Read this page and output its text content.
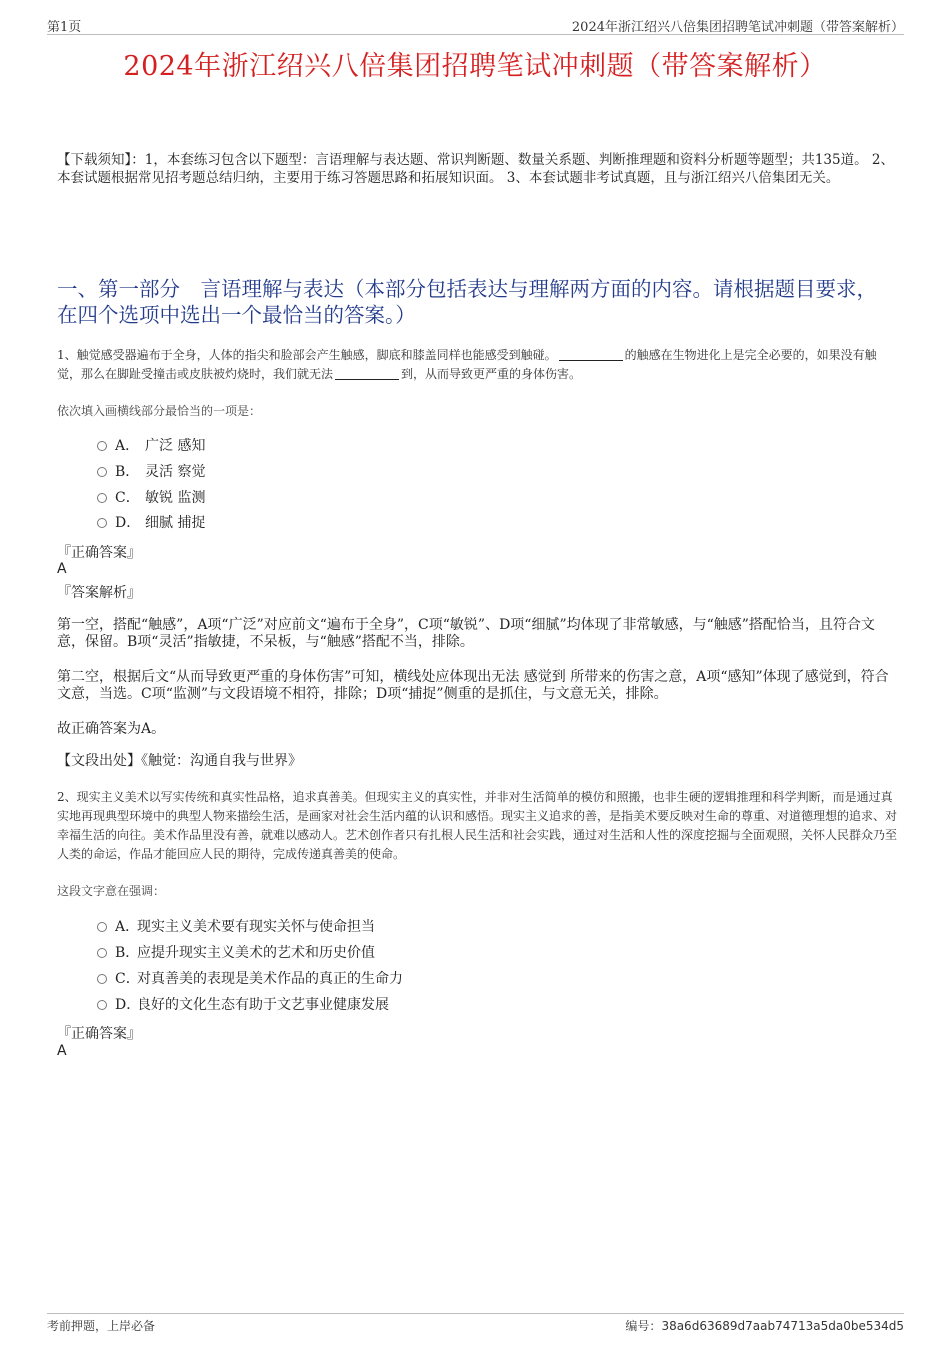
第1页	2024年浙江绍兴八倍集团招聘笔试冲刺题（带答案解析）
2024年浙江绍兴八倍集团招聘笔试冲刺题（带答案解析）
【下载须知】：1，本套练习包含以下题型：言语理解与表达题、常识判断题、数量关系题、判断推理题和资料分析题等题型；共135道。 2、本套试题根据常见招考题总结归纳，主要用于练习答题思路和拓展知识面。 3、本套试题非考试真题，且与浙江绍兴八倍集团无关。
一、第一部分　言语理解与表达（本部分包括表达与理解两方面的内容。请根据题目要求，在四个选项中选出一个最恰当的答案。）
1、触觉感受器遍布于全身，人体的指尖和脸部会产生触感，脚底和膝盖同样也能感受到触碰。	的触感在生物进化上是完全必要的，如果没有触觉，那么在脚趾受撞击或皮肤被灼烧时，我们就无法	到，从而导致更严重的身体伤害。
依次填入画横线部分最恰当的一项是：
A． 广泛 感知
B． 灵活 察觉
C． 敏锐 监测
D． 细腻 捕捉
『正确答案』
A
『答案解析』
第一空，搭配“触感”，A项“广泛”对应前文“遍布于全身”，C项“敏锐”、D项“细腻”均体现了非常敏感，与“触感”搭配恰当，且符合文意，保留。B项“灵活”指敏捷，不呆板，与“触感”搭配不当，排除。
第二空，根据后文“从而导致更严重的身体伤害”可知，横线处应体现出无法 感觉到 所带来的伤害之意，A项“感知”体现了感觉到，符合文意，当选。C项“监测”与文段语境不相符，排除；D项“捕捉”侧重的是抓住，与文意无关，排除。
故正确答案为A。
【文段出处】《触觉：沟通自我与世界》
2、现实主义美术以写实传统和真实性品格，追求真善美。但现实主义的真实性，并非对生活简单的模仿和照搬，也非生硬的逻辑推理和科学判断，而是通过真实地再现典型环境中的典型人物来描绘生活，是画家对社会生活内蕴的认识和感悟。现实主义追求的善，是指美术要反映对生命的尊重、对道德理想的追求、对幸福生活的向往。美术作品里没有善，就难以感动人。艺术创作者只有扎根人民生活和社会实践，通过对生活和人性的深度挖掘与全面观照，关怀人民群众乃至人类的命运，作品才能回应人民的期待，完成传递真善美的使命。
这段文字意在强调：
A．现实主义美术要有现实关怀与使命担当
B．应提升现实主义美术的艺术和历史价值
C．对真善美的表现是美术作品的真正的生命力
D．良好的文化生态有助于文艺事业健康发展
『正确答案』
A
考前押题，上岸必备	编号：38a6d63689d7aab74713a5da0be534d5
